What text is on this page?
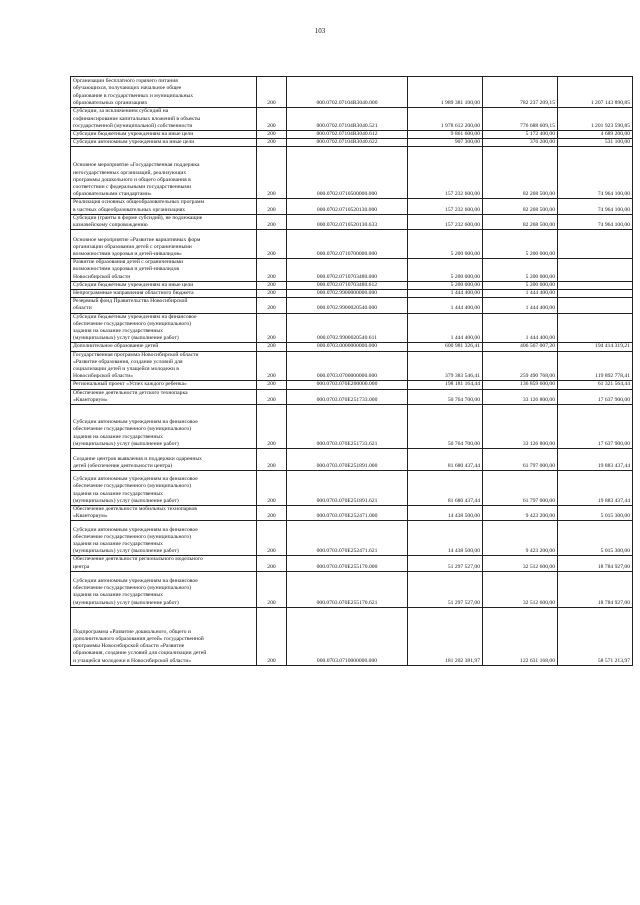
103
Организации бесплатного горячего питания
обучающихся, получающих начальное общее
образование в государственных и муниципальных
образовательных организациях	200	000.0702.07104R3040.000	1 989 381 100,00	782 237 209,15	1 207 143 890,85
Субсидии, за исключением субсидий на
софинансирование капитальных вложений в объекты
государственной (муниципальной) собственности	200	000.0702.07104R3040.521	1 978 612 200,00	776 688 609,15	1 201 923 590,85
Субсидии бюджетным учреждениям на иные цели	200	000.0702.07104R3040.612	9 861 600,00	5 172 400,00	4 689 200,00
Субсидии автономным учреждениям на иные цели	200	000.0702.07104R3040.622	907 300,00	376 200,00	531 100,00
Основное мероприятие «Государственная поддержка
негосударственных организаций, реализующих
программы дошкольного и общего образования в
соответствии с федеральными государственными
образовательными стандартами»	200	000.0702.0710500000.000	157 232 600,00	82 268 500,00	74 964 100,00
Реализация основных общеобразовательных программ
в частных общеобразовательных организациях	200	000.0702.0710520130.000	157 232 600,00	82 268 500,00	74 964 100,00
Субсидии (гранты в форме субсидий), не подлежащие
казначейскому сопровождению	200	000.0702.0710520130.633	157 232 600,00	82 268 500,00	74 964 100,00
Основное мероприятие «Развитие вариативных форм
организации образования детей с ограниченными
возможностями здоровья и детей-инвалидов»	200	000.0702.0710700000.000	5 200 000,00	5 200 000,00	
Развитие образования детей с ограниченными
возможностями здоровья и детей-инвалидов
Новосибирской области	200	000.0702.0710703480.000	5 200 000,00	5 200 000,00	
Субсидии бюджетным учреждениям на иные цели	200	000.0702.0710703480.612	5 200 000,00	5 200 000,00	
Непрограммные направления областного бюджета	200	000.0702.9900000000.000	1 444 400,00	1 444 400,00	
Резервный фонд Правительства Новосибирской
области	200	000.0702.9900020540.000	1 444 400,00	1 444 400,00	
Субсидии бюджетным учреждениям на финансовое
обеспечение государственного (муниципального)
задания на оказание государственных
(муниципальных) услуг (выполнение работ)	200	000.0702.9900020540.611	1 444 400,00	1 444 400,00	
Дополнительное образование детей	200	000.0703.0000000000.000	600 981 326,41	406 567 007,20	194 414 319,21
Государственная программа Новосибирской области
«Развитие образования, создание условий для
социализации детей и учащейся молодежи в
Новосибирской области»	200	000.0703.0700000000.000	379 383 546,41	259 490 768,00	119 892 778,41
Региональный проект «Успех каждого ребенка»	200	000.0703.070E200000.000	198 181 164,44	136 859 600,00	61 321 564,44
Обеспечение деятельности детского технопарка
«Кванториум»	200	000.0703.070E251733.000	50 764 700,00	33 126 800,00	17 637 900,00
Субсидии автономным учреждениям на финансовое
обеспечение государственного (муниципального)
задания на оказание государственных
(муниципальных) услуг (выполнение работ)	200	000.0703.070E251733.621	50 764 700,00	33 126 800,00	17 637 900,00
Создание центров выявления и поддержки одаренных
детей (обеспечение деятельности центра)	200	000.0703.070E251891.000	81 680 437,44	61 797 000,00	19 883 437,44
Субсидии автономным учреждениям на финансовое
обеспечение государственного (муниципального)
задания на оказание государственных
(муниципальных) услуг (выполнение работ)	200	000.0703.070E251891.621	81 680 437,44	61 797 000,00	19 883 437,44
Обеспечение деятельности мобильных технопарков
«Кванториум»	200	000.0703.070E252471.000	14 438 500,00	9 423 200,00	5 015 300,00
Субсидии автономным учреждениям на финансовое
обеспечение государственного (муниципального)
задания на оказание государственных
(муниципальных) услуг (выполнение работ)	200	000.0703.070E252471.621	14 438 500,00	9 423 200,00	5 015 300,00
Обеспечение деятельности регионального модельного
центра	200	000.0703.070E255170.000	51 297 527,00	32 512 600,00	18 784 927,00
Субсидии автономным учреждениям на финансовое
обеспечение государственного (муниципального)
задания на оказание государственных
(муниципальных) услуг (выполнение работ)	200	000.0703.070E255170.621	51 297 527,00	32 512 600,00	18 784 927,00
Подпрограмма «Развитие дошкольного, общего и
дополнительного образования детей» государственной
программы Новосибирской области «Развитие
образования, создание условий для социализации детей
и учащейся молодежи в Новосибирской области»	200	000.0703.0710000000.000	181 202 381,97	122 631 168,00	58 571 213,97
